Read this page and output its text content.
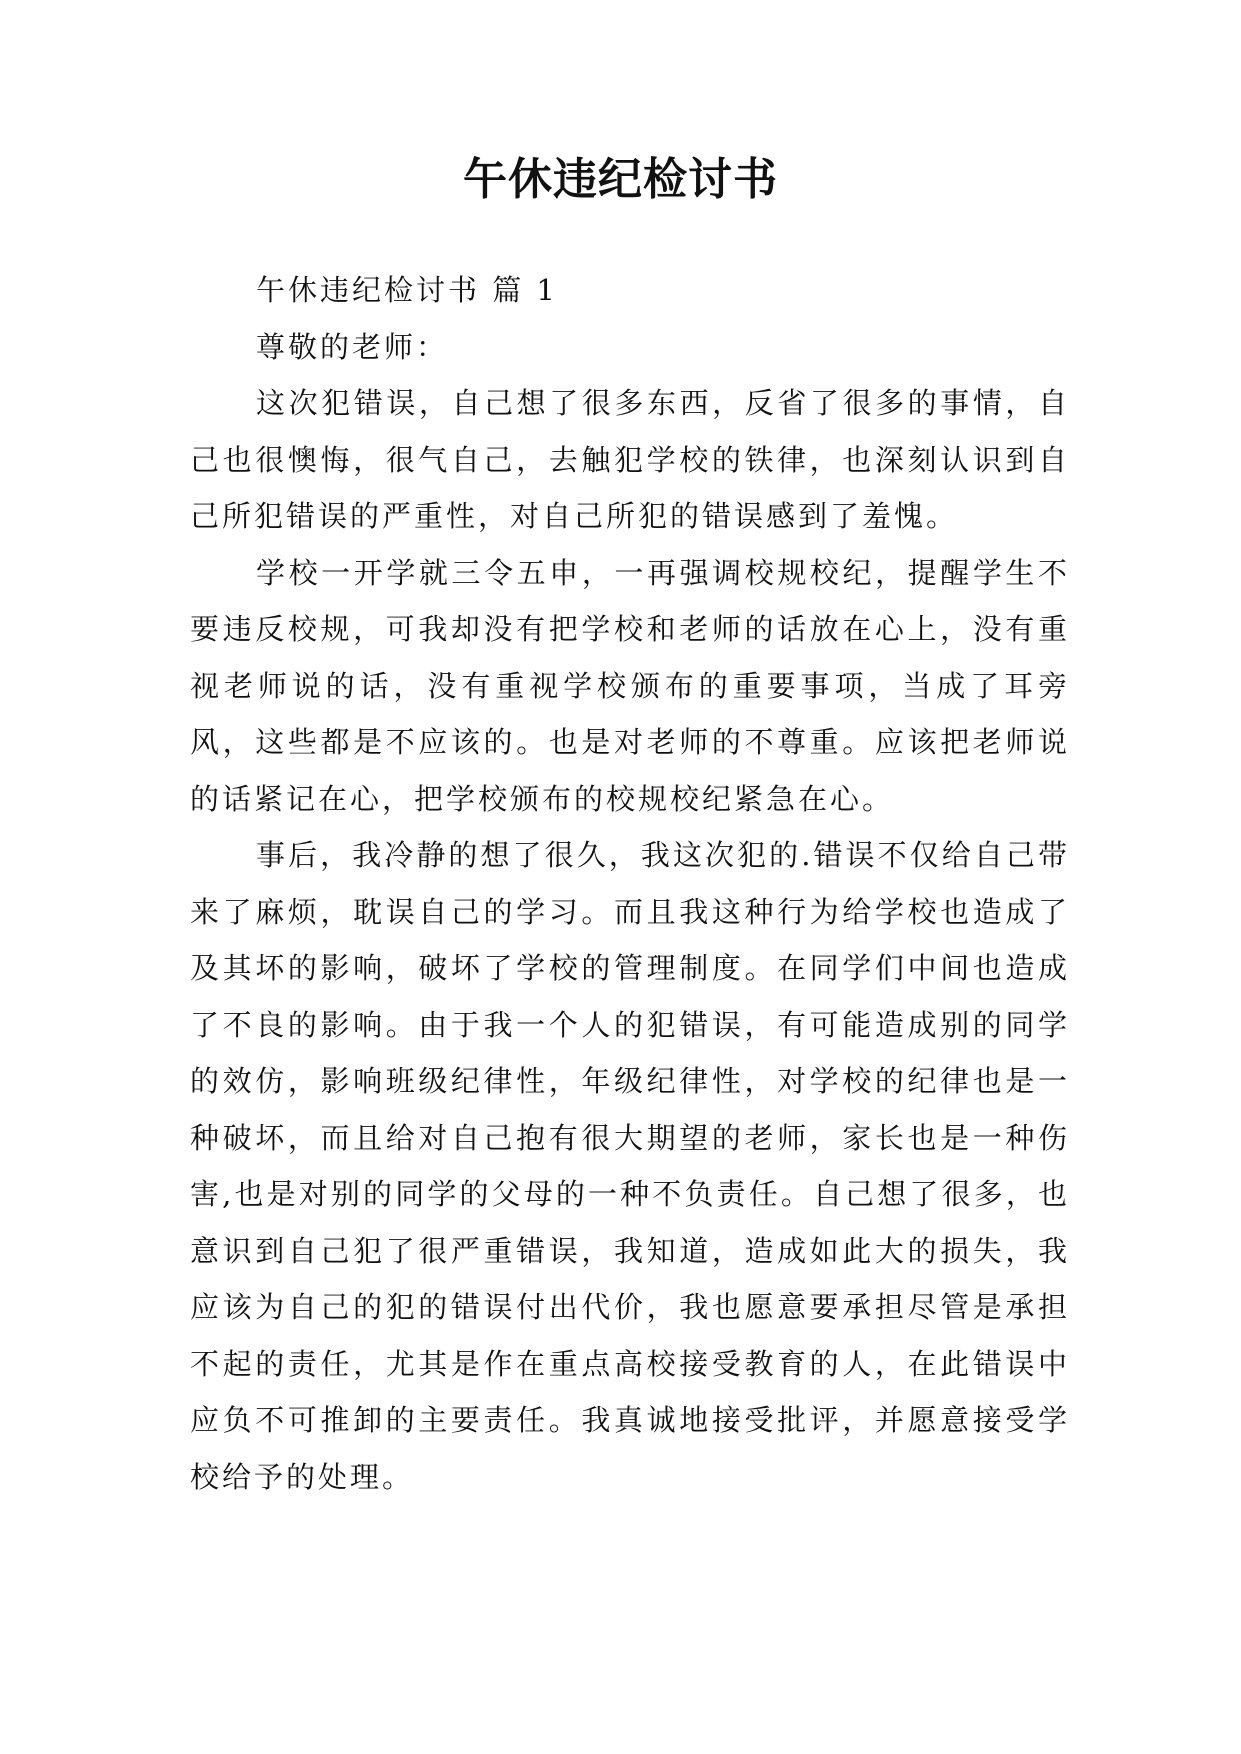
午休违纪检讨书

午休违纪检讨书 篇 1

尊敬的老师：

这次犯错误，自己想了很多东西，反省了很多的事情，自己也很懊悔，很气自己，去触犯学校的铁律，也深刻认识到自己所犯错误的严重性，对自己所犯的错误感到了羞愧。

学校一开学就三令五申，一再强调校规校纪，提醒学生不要违反校规，可我却没有把学校和老师的话放在心上，没有重视老师说的话，没有重视学校颁布的重要事项，当成了耳旁风，这些都是不应该的。也是对老师的不尊重。应该把老师说的话紧记在心，把学校颁布的校规校纪紧急在心。

事后，我冷静的想了很久，我这次犯的.错误不仅给自己带来了麻烦，耽误自己的学习。而且我这种行为给学校也造成了及其坏的影响，破坏了学校的管理制度。在同学们中间也造成了不良的影响。由于我一个人的犯错误，有可能造成别的同学的效仿，影响班级纪律性，年级纪律性，对学校的纪律也是一种破坏，而且给对自己抱有很大期望的老师，家长也是一种伤害,也是对别的同学的父母的一种不负责任。自己想了很多，也意识到自己犯了很严重错误，我知道，造成如此大的损失，我应该为自己的犯的错误付出代价，我也愿意要承担尽管是承担不起的责任，尤其是作在重点高校接受教育的人，在此错误中应负不可推卸的主要责任。我真诚地接受批评，并愿意接受学校给予的处理。
